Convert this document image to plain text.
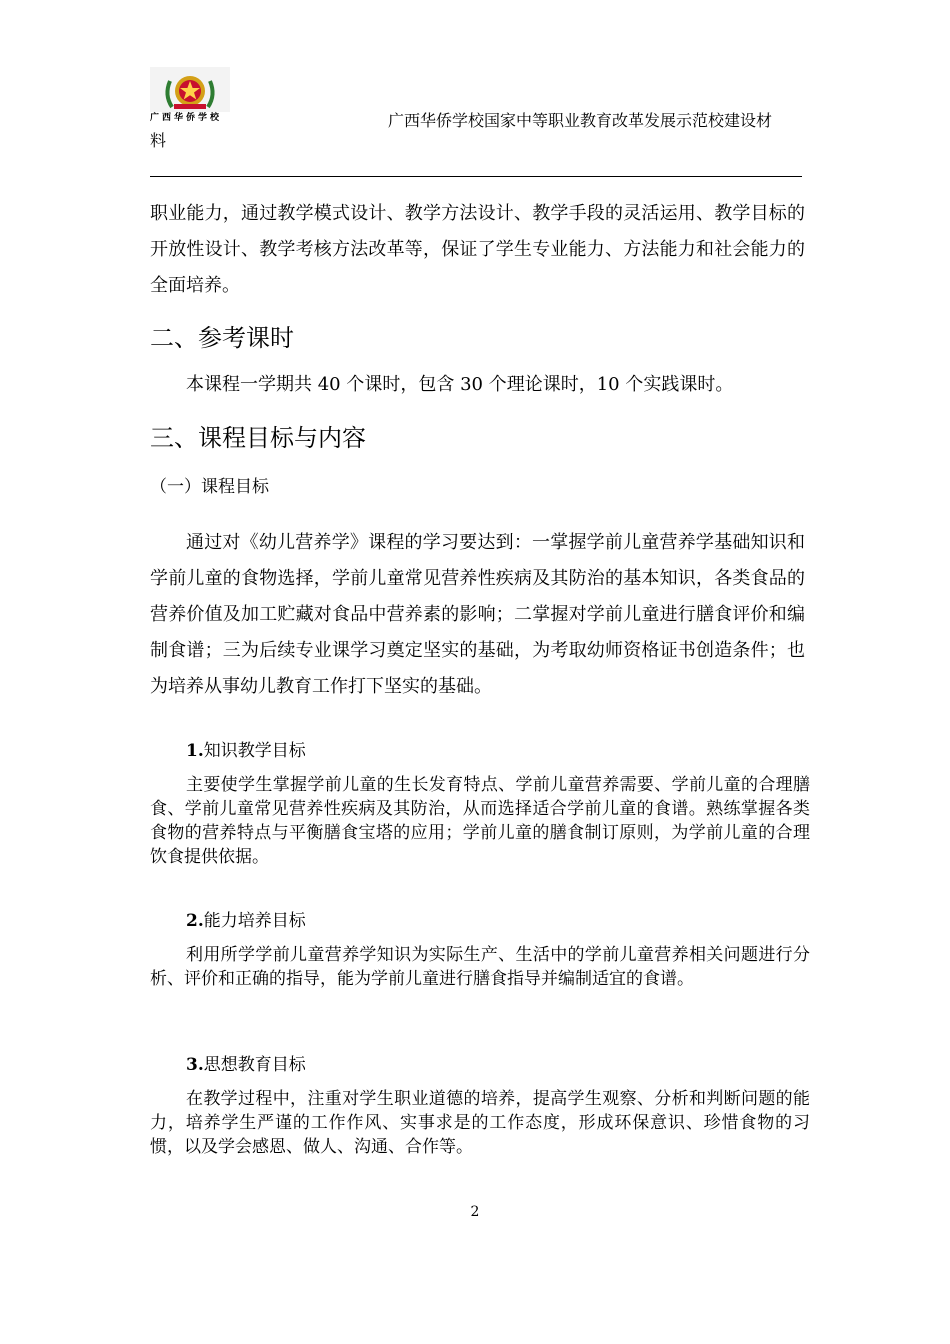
广西华侨学校	广西华侨学校国家中等职业教育改革发展示范校建设材
料
职业能力，通过教学模式设计、教学方法设计、教学手段的灵活运用、教学目标的开放性设计、教学考核方法改革等，保证了学生专业能力、方法能力和社会能力的全面培养。
二、参考课时
本课程一学期共 40 个课时，包含 30 个理论课时，10 个实践课时。
三、课程目标与内容
（一）课程目标
通过对《幼儿营养学》课程的学习要达到：一掌握学前儿童营养学基础知识和学前儿童的食物选择，学前儿童常见营养性疾病及其防治的基本知识，各类食品的营养价值及加工贮藏对食品中营养素的影响；二掌握对学前儿童进行膳食评价和编制食谱；三为后续专业课学习奠定坚实的基础，为考取幼师资格证书创造条件；也为培养从事幼儿教育工作打下坚实的基础。
1.知识教学目标
主要使学生掌握学前儿童的生长发育特点、学前儿童营养需要、学前儿童的合理膳食、学前儿童常见营养性疾病及其防治，从而选择适合学前儿童的食谱。熟练掌握各类食物的营养特点与平衡膳食宝塔的应用；学前儿童的膳食制订原则，为学前儿童的合理饮食提供依据。
2.能力培养目标
利用所学学前儿童营养学知识为实际生产、生活中的学前儿童营养相关问题进行分析、评价和正确的指导，能为学前儿童进行膳食指导并编制适宜的食谱。
3.思想教育目标
在教学过程中，注重对学生职业道德的培养，提高学生观察、分析和判断问题的能力，培养学生严谨的工作作风、实事求是的工作态度，形成环保意识、珍惜食物的习惯，以及学会感恩、做人、沟通、合作等。
2
